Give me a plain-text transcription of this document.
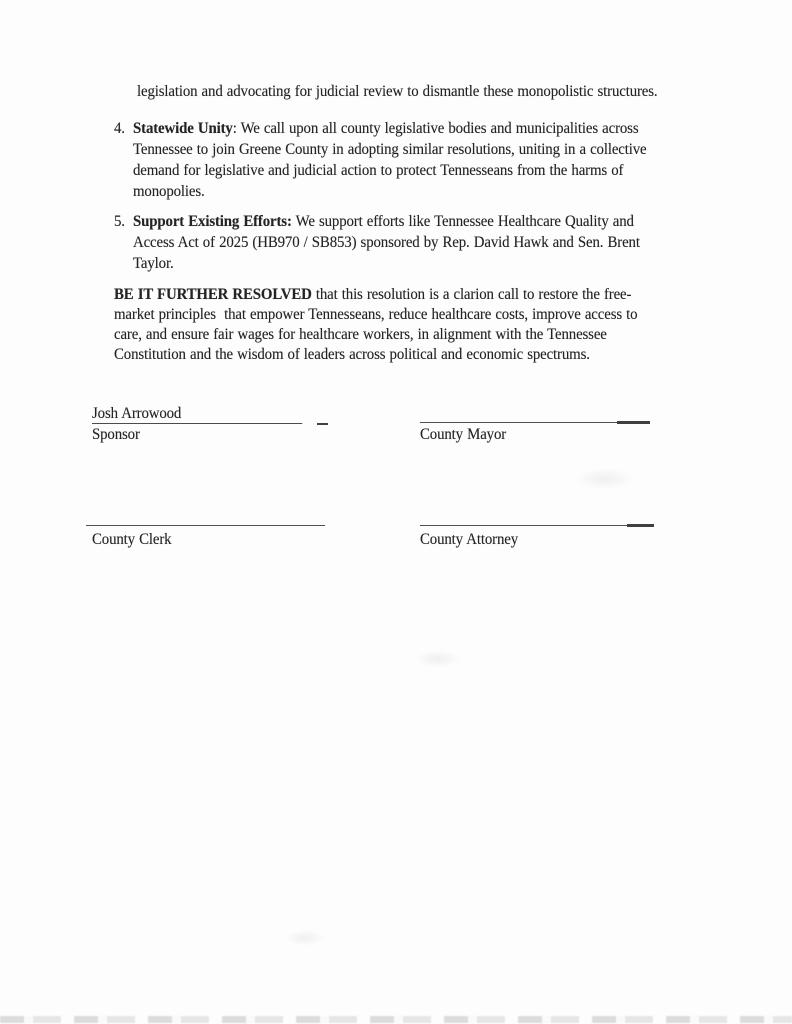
legislation and advocating for judicial review to dismantle these monopolistic structures.
4. Statewide Unity: We call upon all county legislative bodies and municipalities across
Tennessee to join Greene County in adopting similar resolutions, uniting in a collective
demand for legislative and judicial action to protect Tennesseans from the harms of
monopolies.
5. Support Existing Efforts: We support efforts like Tennessee Healthcare Quality and
Access Act of 2025 (HB970 / SB853) sponsored by Rep. David Hawk and Sen. Brent
Taylor.
BE IT FURTHER RESOLVED that this resolution is a clarion call to restore the free-
market principles  that empower Tennesseans, reduce healthcare costs, improve access to
care, and ensure fair wages for healthcare workers, in alignment with the Tennessee
Constitution and the wisdom of leaders across political and economic spectrums.
Josh Arrowood
Sponsor	County Mayor
County Clerk	County Attorney
